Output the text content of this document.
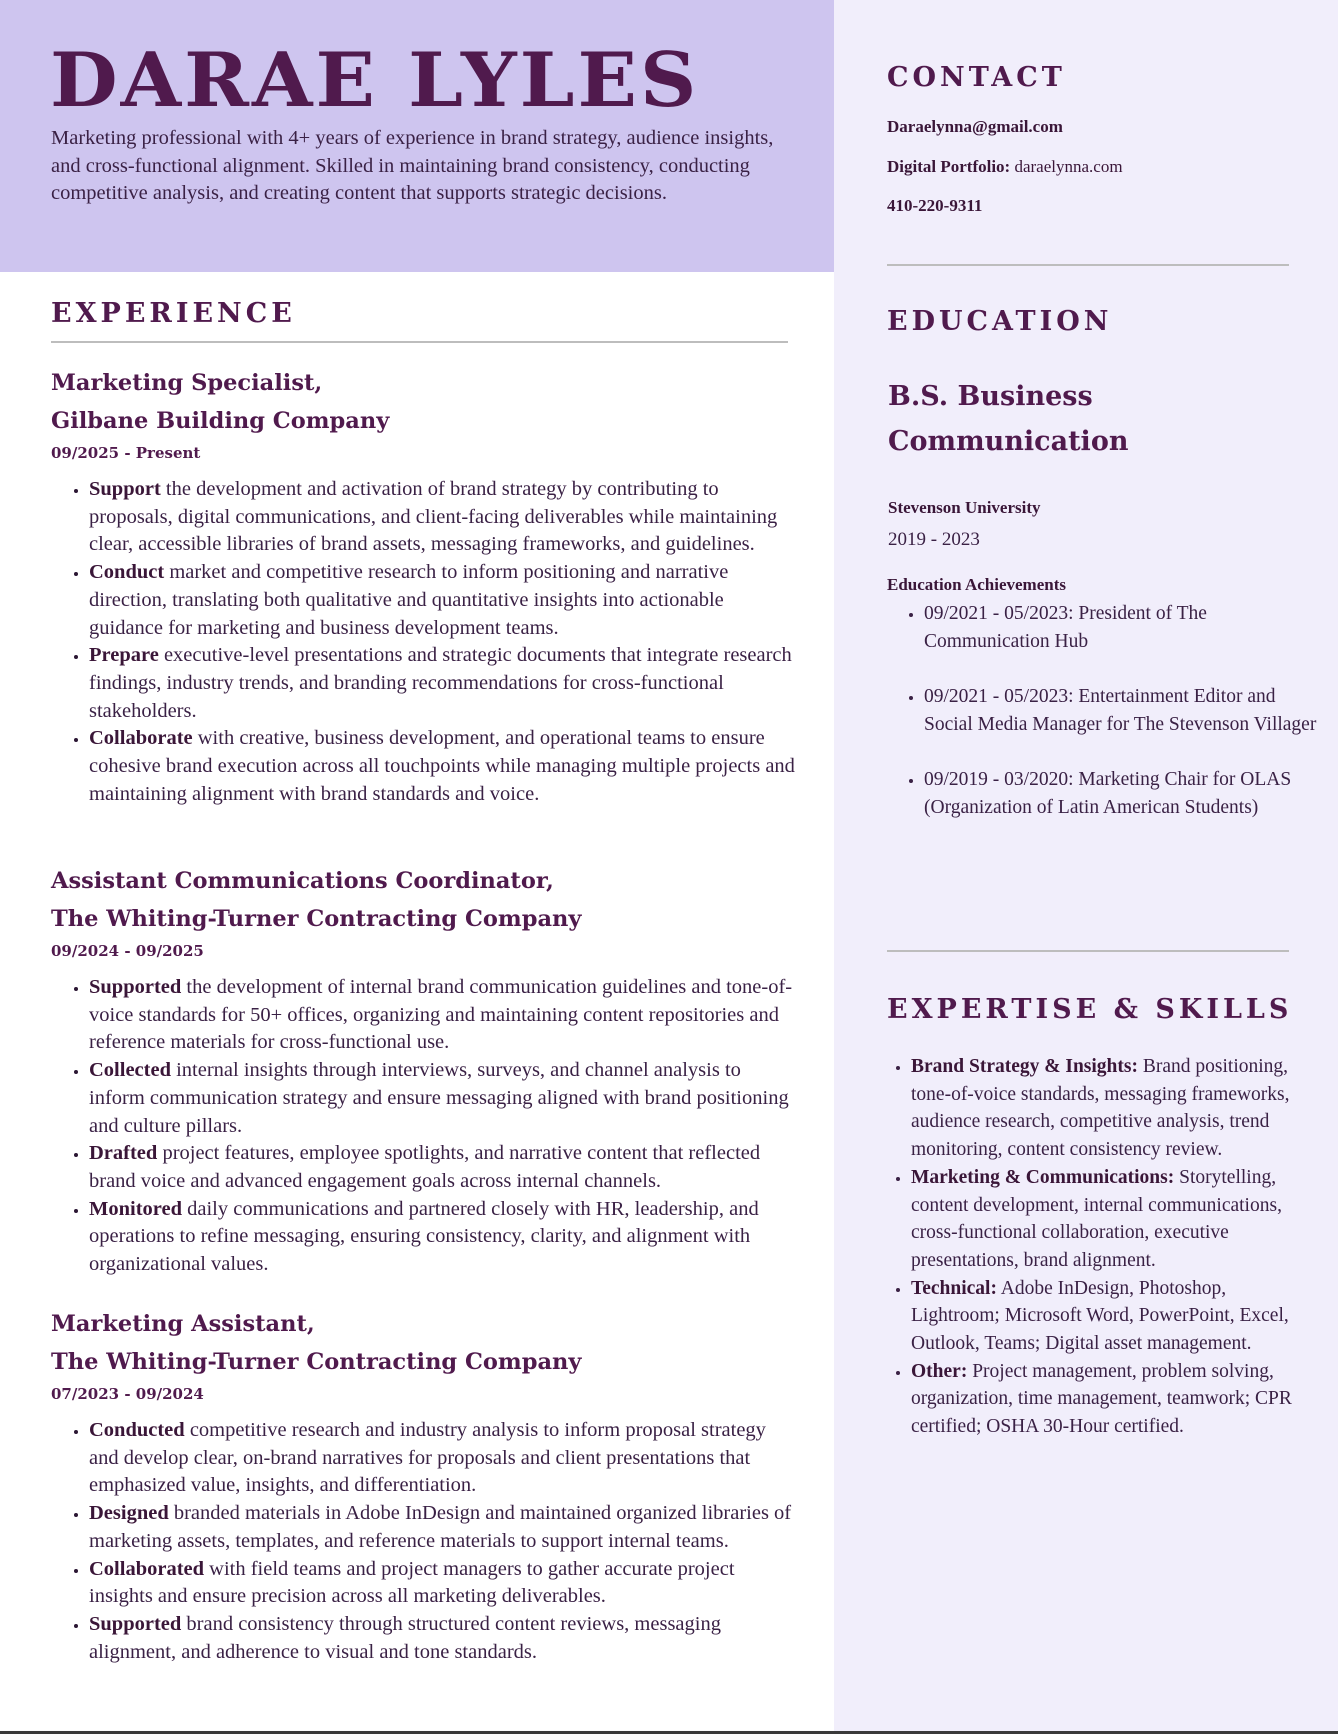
DARAE LYLES

Marketing professional with 4+ years of experience in brand strategy, audience insights, and cross-functional alignment. Skilled in maintaining brand consistency, conducting competitive analysis, and creating content that supports strategic decisions.

EXPERIENCE
Marketing Specialist,
Gilbane Building Company

09/2025 - Present

• Support the development and activation of brand strategy by contributing to proposals, digital communications, and client-facing deliverables while maintaining clear, accessible libraries of brand assets, messaging frameworks, and guidelines.
• Conduct market and competitive research to inform positioning and narrative direction, translating both qualitative and quantitative insights into actionable guidance for marketing and business development teams.
• Prepare executive-level presentations and strategic documents that integrate research findings, industry trends, and branding recommendations for cross-functional stakeholders.
• Collaborate with creative, business development, and operational teams to ensure cohesive brand execution across all touchpoints while managing multiple projects and maintaining alignment with brand standards and voice.
Assistant Communications Coordinator,
The Whiting-Turner Contracting Company

09/2024 - 09/2025

• Supported the development of internal brand communication guidelines and tone-of-voice standards for 50+ offices, organizing and maintaining content repositories and reference materials for cross-functional use.
• Collected internal insights through interviews, surveys, and channel analysis to inform communication strategy and ensure messaging aligned with brand positioning and culture pillars.
• Drafted project features, employee spotlights, and narrative content that reflected brand voice and advanced engagement goals across internal channels.
• Monitored daily communications and partnered closely with HR, leadership, and operations to refine messaging, ensuring consistency, clarity, and alignment with organizational values.
Marketing Assistant,
The Whiting-Turner Contracting Company

07/2023 - 09/2024

• Conducted competitive research and industry analysis to inform proposal strategy and develop clear, on-brand narratives for proposals and client presentations that emphasized value, insights, and differentiation.
• Designed branded materials in Adobe InDesign and maintained organized libraries of marketing assets, templates, and reference materials to support internal teams.
• Collaborated with field teams and project managers to gather accurate project insights and ensure precision across all marketing deliverables.
• Supported brand consistency through structured content reviews, messaging alignment, and adherence to visual and tone standards.
CONTACT

Daraelynna@gmail.com

Digital Portfolio: daraelynna.com

410-220-9311

EDUCATION

B.S. Business Communication

Stevenson University

2019 - 2023

Education Achievements

• 09/2021 - 05/2023: President of The Communication Hub
• 09/2021 - 05/2023: Entertainment Editor and Social Media Manager for The Stevenson Villager
• 09/2019 - 03/2020: Marketing Chair for OLAS (Organization of Latin American Students)
EXPERTISE & SKILLS
• Brand Strategy & Insights: Brand positioning, tone-of-voice standards, messaging frameworks, audience research, competitive analysis, trend monitoring, content consistency review.
• Marketing & Communications: Storytelling, content development, internal communications, cross-functional collaboration, executive presentations, brand alignment.
• Technical: Adobe InDesign, Photoshop, Lightroom; Microsoft Word, PowerPoint, Excel, Outlook, Teams; Digital asset management.
• Other: Project management, problem solving, organization, time management, teamwork; CPR certified; OSHA 30-Hour certified.
